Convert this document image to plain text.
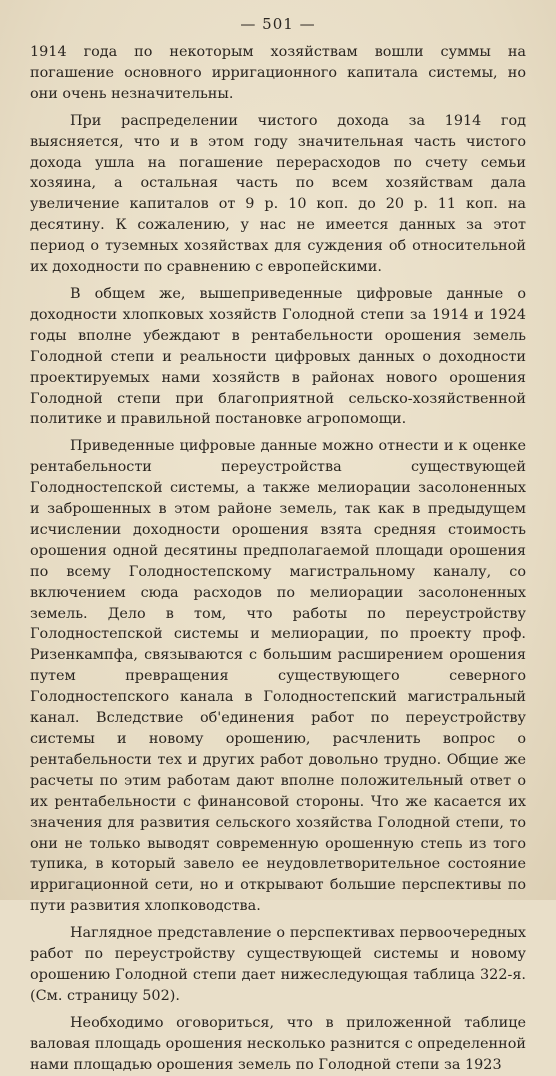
— 501 —

1914 года по некоторым хозяйствам вошли суммы на погашение основного ирригационного капитала системы, но они очень незначительны.

При распределении чистого дохода за 1914 год выясняется, что и в этом году значительная часть чистого дохода ушла на погашение перерасходов по счету семьи хозяина, а остальная часть по всем хозяйствам дала увеличение капиталов от 9 р. 10 коп. до 20 р. 11 коп. на десятину. К сожалению, у нас не имеется данных за этот период о туземных хозяйствах для суждения об относительной их доходности по сравнению с европейскими.

В общем же, вышеприведенные цифровые данные о доходности хлопковых хозяйств Голодной степи за 1914 и 1924 годы вполне убеждают в рентабельности орошения земель Голодной степи и реальности цифровых данных о доходности проектируемых нами хозяйств в районах нового орошения Голодной степи при благоприятной сельско-хозяйственной политике и правильной постановке агропомощи.

Приведенные цифровые данные можно отнести и к оценке рентабельности переустройства существующей Голодностепской системы, а также мелиорации засолоненных и заброшенных в этом районе земель, так как в предыдущем исчислении доходности орошения взята средняя стоимость орошения одной десятины предполагаемой площади орошения по всему Голодностепскому магистральному каналу, со включением сюда расходов по мелиорации засолоненных земель. Дело в том, что работы по переустройству Голодностепской системы и мелиорации, по проекту проф. Ризенкампфа, связываются с большим расширением орошения путем превращения существующего северного Голодностепского канала в Голодностепский магистральный канал. Вследствие об'единения работ по переустройству системы и новому орошению, расчленить вопрос о рентабельности тех и других работ довольно трудно. Общие же расчеты по этим работам дают вполне положительный ответ о их рентабельности с финансовой стороны. Что же касается их значения для развития сельского хозяйства Голодной степи, то они не только выводят современную орошенную степь из того тупика, в который завело ее неудовлетворительное состояние ирригационной сети, но и открывают большие перспективы по пути развития хлопководства.

Наглядное представление о перспективах первоочередных работ по переустройству существующей системы и новому орошению Голодной степи дает нижеследующая таблица 322-я. (См. страницу 502).

Необходимо оговориться, что в приложенной таблице валовая площадь орошения несколько разнится с определенной нами площадью орошения земель по Голодной степи за 1923
